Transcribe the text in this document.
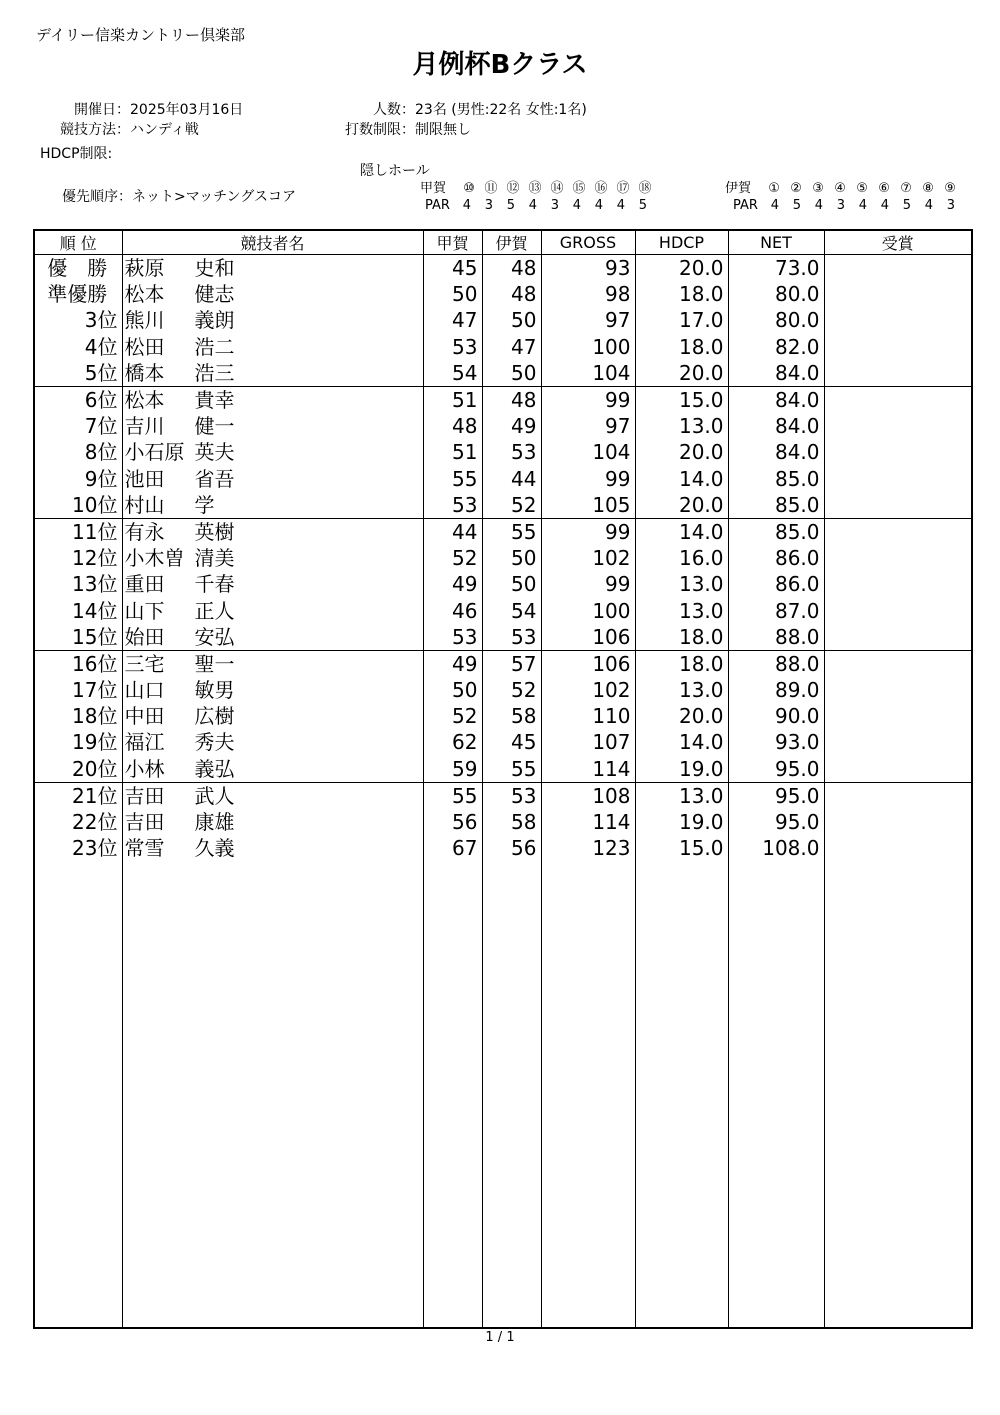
デイリー信楽カントリー倶楽部
月例杯Bクラス
開催日：2025年03月16日
競技方法：ハンディ戦
HDCP制限:
人数：23名 (男性:22名 女性:1名)
打数制限：制限無し
優先順序：ネット>マッチングスコア
隠しホール
甲賀 ⑩ ⑪ ⑫ ⑬ ⑭ ⑮ ⑯ ⑰ ⑱
PAR 4 3 5 4 3 4 4 4 5
伊賀 ① ② ③ ④ ⑤ ⑥ ⑦ ⑧ ⑨
PAR 4 5 4 3 4 4 5 4 3
順 位	競技者名	甲賀	伊賀	GROSS	HDCP	NET	受賞
優　勝	萩原 史和	45	48	93	20.0	73.0	
準優勝	松本 健志	50	48	98	18.0	80.0	
3位	熊川 義朗	47	50	97	17.0	80.0	
4位	松田 浩二	53	47	100	18.0	82.0	
5位	橋本 浩三	54	50	104	20.0	84.0	
6位	松本 貴幸	51	48	99	15.0	84.0	
7位	吉川 健一	48	49	97	13.0	84.0	
8位	小石原 英夫	51	53	104	20.0	84.0	
9位	池田 省吾	55	44	99	14.0	85.0	
10位	村山 学	53	52	105	20.0	85.0	
11位	有永 英樹	44	55	99	14.0	85.0	
12位	小木曽 清美	52	50	102	16.0	86.0	
13位	重田 千春	49	50	99	13.0	86.0	
14位	山下 正人	46	54	100	13.0	87.0	
15位	始田 安弘	53	53	106	18.0	88.0	
16位	三宅 聖一	49	57	106	18.0	88.0	
17位	山口 敏男	50	52	102	13.0	89.0	
18位	中田 広樹	52	58	110	20.0	90.0	
19位	福江 秀夫	62	45	107	14.0	93.0	
20位	小林 義弘	59	55	114	19.0	95.0	
21位	吉田 武人	55	53	108	13.0	95.0	
22位	吉田 康雄	56	58	114	19.0	95.0	
23位	常雪 久義	67	56	123	15.0	108.0	

1 / 1
